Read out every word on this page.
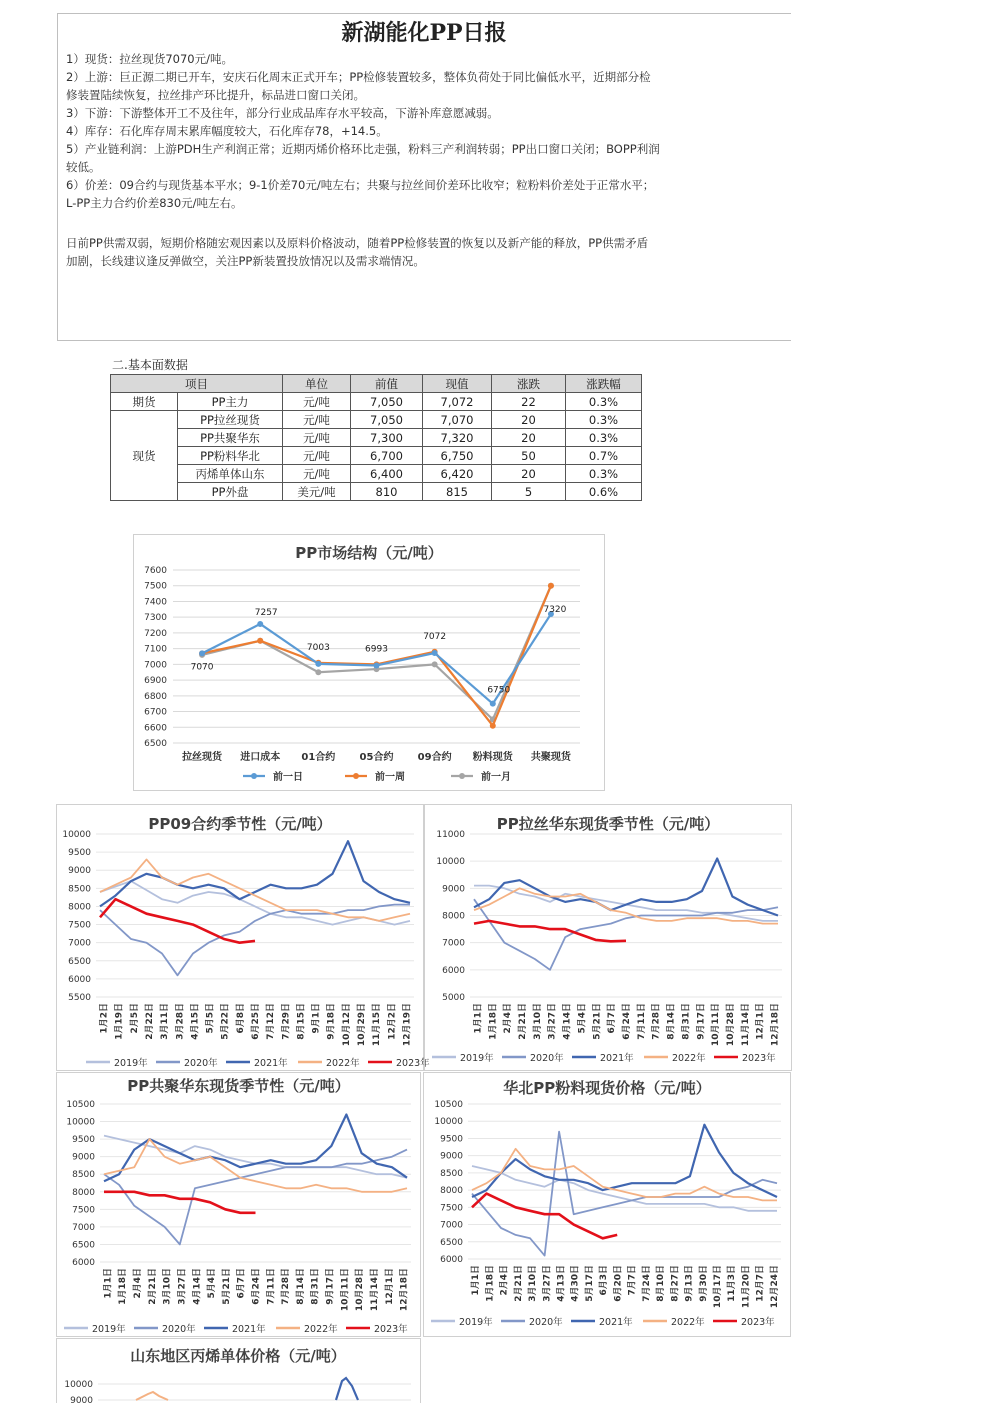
新湖能化PP日报
1）现货：拉丝现货7070元/吨。
2）上游：巨正源二期已开车，安庆石化周末正式开车；PP检修装置较多，整体负荷处于同比偏低水平，近期部分检
修装置陆续恢复，拉丝排产环比提升，标品进口窗口关闭。
3）下游：下游整体开工不及往年，部分行业成品库存水平较高，下游补库意愿减弱。
4）库存：石化库存周末累库幅度较大，石化库存78，+14.5。
5）产业链利润：上游PDH生产利润正常；近期丙烯价格环比走强，粉料三产利润转弱；PP出口窗口关闭；BOPP利润
较低。
6）价差：09合约与现货基本平水；9-1价差70元/吨左右；共聚与拉丝间价差环比收窄；粒粉料价差处于正常水平；
L-PP主力合约价差830元/吨左右。
日前PP供需双弱，短期价格随宏观因素以及原料价格波动，随着PP检修装置的恢复以及新产能的释放，PP供需矛盾
加剧，长线建议逢反弹做空，关注PP新装置投放情况以及需求端情况。
二.基本面数据
项目		单位	前值	现值	涨跌	涨跌幅
期货	PP主力	元/吨	7,050	7,072	22	0.3%
现货	PP拉丝现货	元/吨	7,050	7,070	20	0.3%
	PP共聚华东	元/吨	7,300	7,320	20	0.3%
	PP粉料华北	元/吨	6,700	6,750	50	0.7%
	丙烯单体山东	元/吨	6,400	6,420	20	0.3%
	PP外盘	美元/吨	810	815	5	0.6%
PP市场结构（元/吨）
6500
6600
6700
6800
6900
7000
7100
7200
7300
7400
7500
7600
拉丝现货 进口成本 01合约 05合约 09合约 粉料现货 共聚现货
7070
7257
7003	6993
7072
6750
7320
前一日	前一周	前一月
PP09合约季节性（元/吨）
5500
6000
6500
7000
7500
8000
8500
9000
9500
10000
1月2日 1月19日 2月5日 2月22日 3月11日 3月28日 4月15日 5月5日 5月22日 6月8日 6月25日 7月12日 7月29日 8月15日 9月1日 9月18日 10月12日 10月29日 11月15日 12月2日 12月19日
2019年	2020年	2021年	2022年	2023年
PP拉丝华东现货季节性（元/吨）
5000
6000
7000
8000
9000
10000
11000
1月1日 1月18日 2月4日 2月21日 3月10日 3月27日 4月14日 5月4日 5月21日 6月7日 6月24日 7月11日 7月28日 8月14日 8月31日 9月17日 10月11日 10月28日 11月14日 12月1日 12月18日
2019年	2020年	2021年	2022年	2023年
PP共聚华东现货季节性（元/吨）
6000
6500
7000
7500
8000
8500
9000
9500
10000
10500
1月1日 1月18日 2月4日 2月21日 3月10日 3月27日 4月14日 5月4日 5月21日 6月7日 6月24日 7月11日 7月28日 8月14日 8月31日 9月17日 10月11日 10月28日 11月14日 12月1日 12月18日
2019年	2020年	2021年	2022年	2023年
华北PP粉料现货价格（元/吨）
6000
6500
7000
7500
8000
8500
9000
9500
10000
10500
1月1日 1月18日 2月4日 2月21日 3月10日 3月27日 4月13日 4月30日 5月17日 6月3日 6月20日 7月7日 7月24日 8月10日 8月27日 9月13日 9月30日 10月17日 11月3日 11月20日 12月7日 12月24日
2019年	2020年	2021年	2022年	2023年
山东地区丙烯单体价格（元/吨）
10000
9000
